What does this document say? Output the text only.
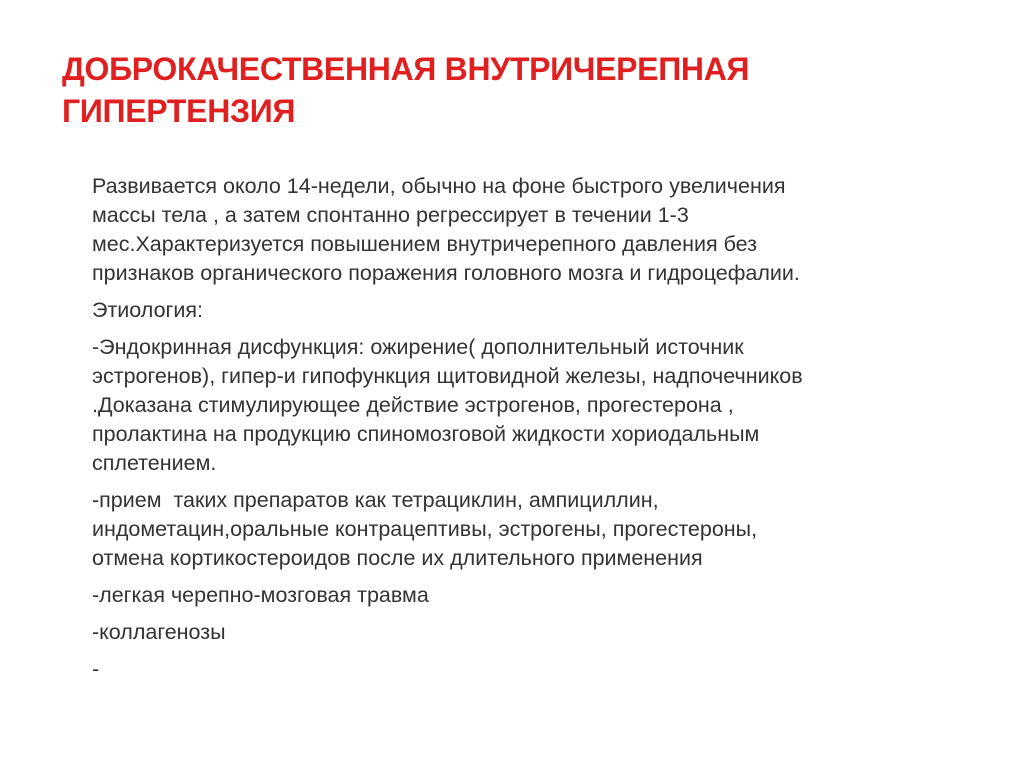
ДОБРОКАЧЕСТВЕННАЯ ВНУТРИЧЕРЕПНАЯ
ГИПЕРТЕНЗИЯ

Развивается около 14-недели, обычно на фоне быстрого увеличения
массы тела , а затем спонтанно регрессирует в течении 1-3
мес.Характеризуется повышением внутричерепного давления без
признаков органического поражения головного мозга и гидроцефалии.

Этиология:

-Эндокринная дисфункция: ожирение( дополнительный источник
эстрогенов), гипер-и гипофункция щитовидной железы, надпочечников
.Доказана стимулирующее действие эстрогенов, прогестерона ,
пролактина на продукцию спиномозговой жидкости хориодальным
сплетением.

-прием  таких препаратов как тетрациклин, ампициллин,
индометацин,оральные контрацептивы, эстрогены, прогестероны,
отмена кортикостероидов после их длительного применения

-легкая черепно-мозговая травма

-коллагенозы

-
